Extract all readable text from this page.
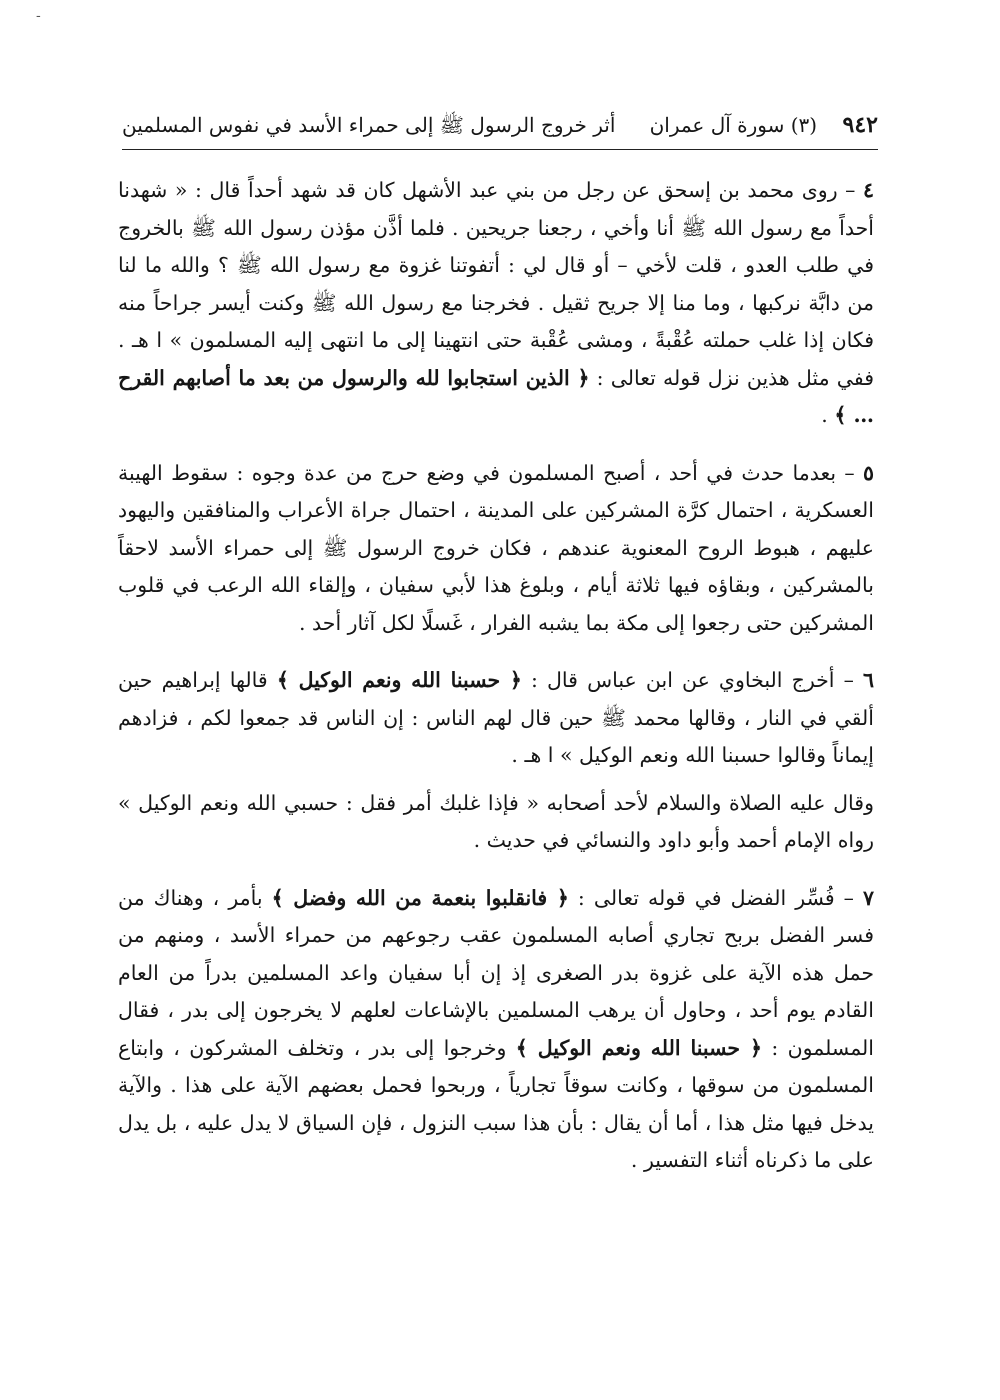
-
٩٤٢    (٣) سورة آل عمران
أثر خروج الرسول ﷺ إلى حمراء الأسد في نفوس المسلمين

٤ – روى محمد بن إسحق عن رجل من بني عبد الأشهل كان قد شهد أحداً قال : « شهدنا أحداً مع رسول الله ﷺ أنا وأخي ، رجعنا جريحين . فلما أذَّن مؤذن رسول الله ﷺ بالخروج في طلب العدو ، قلت لأخي – أو قال لي : أتفوتنا غزوة مع رسول الله ﷺ ؟ والله ما لنا من دابَّة نركبها ، وما منا إلا جريح ثقيل . فخرجنا مع رسول الله ﷺ وكنت أيسر جراحاً منه فكان إذا غلب حملته عُقْبةً ، ومشى عُقْبة حتى انتهينا إلى ما انتهى إليه المسلمون » ا هـ . ففي مثل هذين نزل قوله تعالى : ﴿ الذين استجابوا لله والرسول من بعد ما أصابهم القرح … ﴾ .

٥ – بعدما حدث في أحد ، أصبح المسلمون في وضع حرج من عدة وجوه : سقوط الهيبة العسكرية ، احتمال كرَّة المشركين على المدينة ، احتمال جراة الأعراب والمنافقين واليهود عليهم ، هبوط الروح المعنوية عندهم ، فكان خروج الرسول ﷺ إلى حمراء الأسد لاحقاً بالمشركين ، وبقاؤه فيها ثلاثة أيام ، وبلوغ هذا لأبي سفيان ، وإلقاء الله الرعب في قلوب المشركين حتى رجعوا إلى مكة بما يشبه الفرار ، غَسلًا لكل آثار أحد .

٦ – أخرج البخاوي عن ابن عباس قال : ﴿ حسبنا الله ونعم الوكيل ﴾ قالها إبراهيم حين ألقي في النار ، وقالها محمد ﷺ حين قال لهم الناس : إن الناس قد جمعوا لكم ، فزادهم إيماناً وقالوا حسبنا الله ونعم الوكيل » ا هـ .

وقال عليه الصلاة والسلام لأحد أصحابه « فإذا غلبك أمر فقل : حسبي الله ونعم الوكيل » رواه الإمام أحمد وأبو داود والنسائي في حديث .

٧ – فُسِّر الفضل في قوله تعالى : ﴿ فانقلبوا بنعمة من الله وفضل ﴾ بأمر ، وهناك من فسر الفضل بربح تجاري أصابه المسلمون عقب رجوعهم من حمراء الأسد ، ومنهم من حمل هذه الآية على غزوة بدر الصغرى إذ إن أبا سفيان واعد المسلمين بدراً من العام القادم يوم أحد ، وحاول أن يرهب المسلمين بالإشاعات لعلهم لا يخرجون إلى بدر ، فقال المسلمون : ﴿ حسبنا الله ونعم الوكيل ﴾ وخرجوا إلى بدر ، وتخلف المشركون ، وابتاع المسلمون من سوقها ، وكانت سوقاً تجارياً ، وربحوا فحمل بعضهم الآية على هذا . والآية يدخل فيها مثل هذا ، أما أن يقال : بأن هذا سبب النزول ، فإن السياق لا يدل عليه ، بل يدل على ما ذكرناه أثناء التفسير .
